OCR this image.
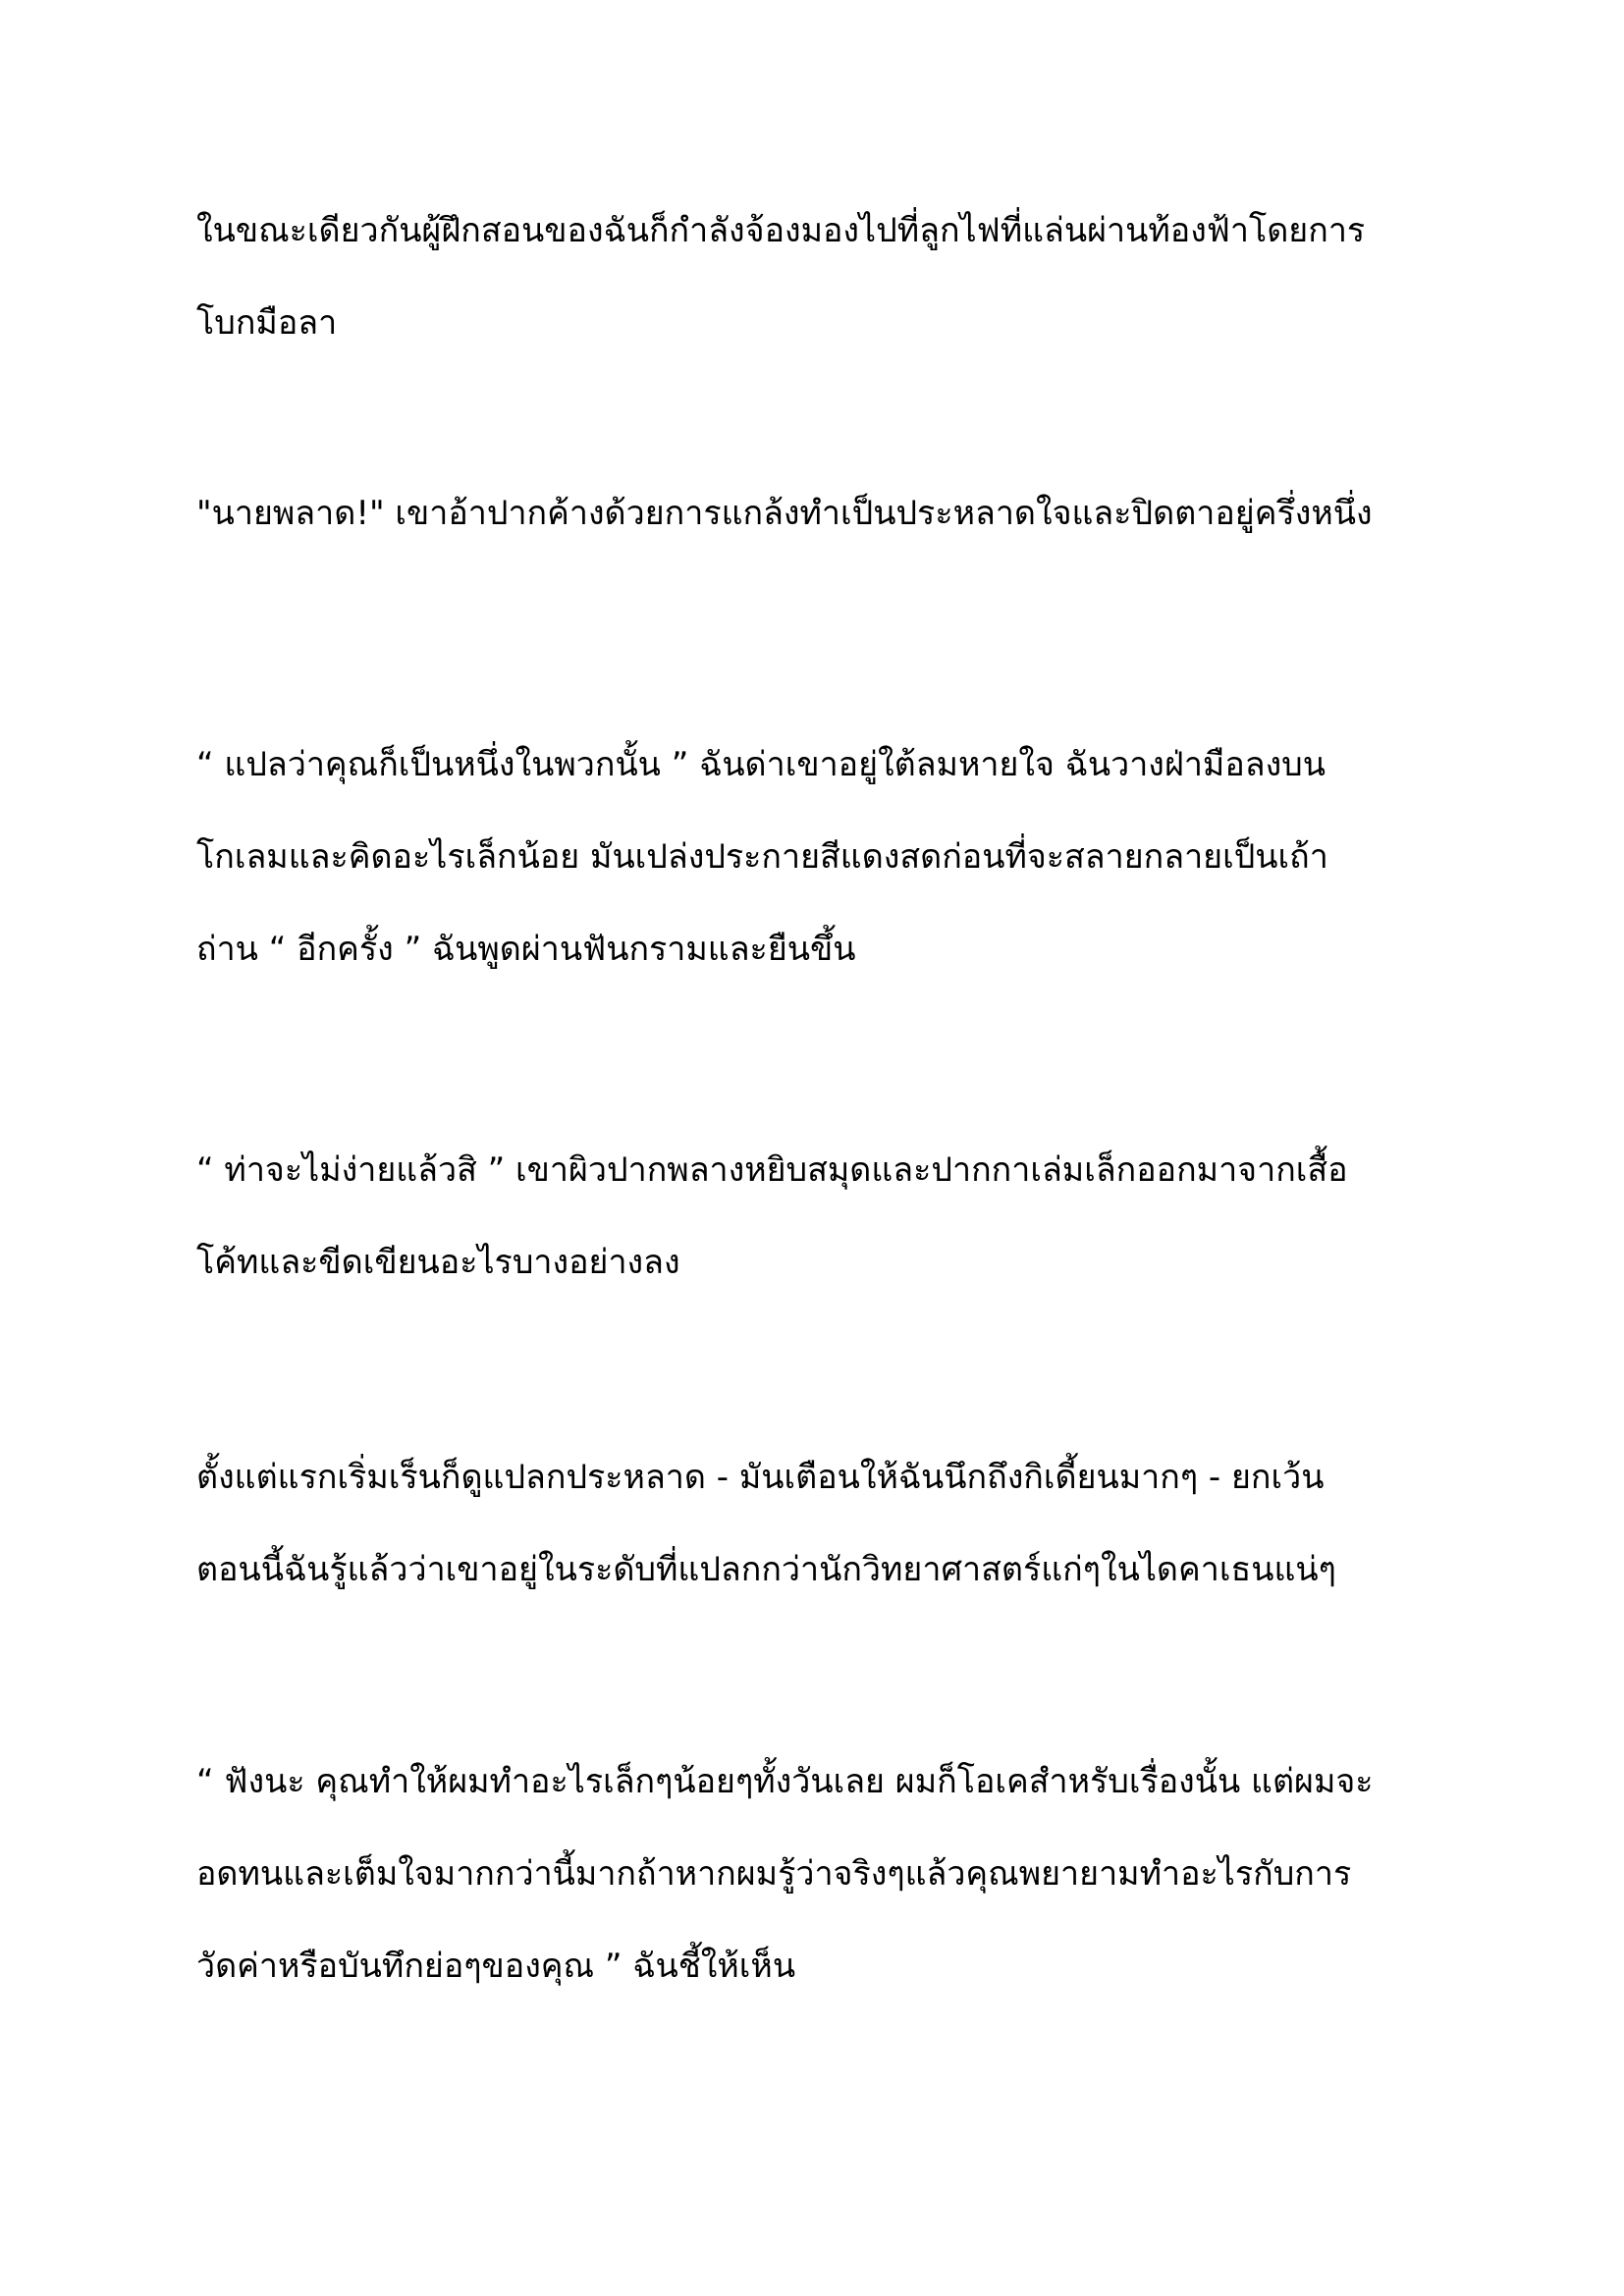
ในขณะเดียวกันผู้ฝึกสอนของฉันก็กำลังจ้องมองไปที่ลูกไฟที่แล่นผ่านท้องฟ้าโดยการ
โบกมือลา
"นายพลาด!" เขาอ้าปากค้างด้วยการแกล้งทำเป็นประหลาดใจและปิดตาอยู่ครึ่งหนึ่ง
“ แปลว่าคุณก็เป็นหนึ่งในพวกนั้น ” ฉันด่าเขาอยู่ใต้ลมหายใจ ฉันวางฝ่ามือลงบน
โกเลมและคิดอะไรเล็กน้อย มันเปล่งประกายสีแดงสดก่อนที่จะสลายกลายเป็นเถ้า
ถ่าน “ อีกครั้ง ” ฉันพูดผ่านฟันกรามและยืนขึ้น
“ ท่าจะไม่ง่ายแล้วสิ ” เขาผิวปากพลางหยิบสมุดและปากกาเล่มเล็กออกมาจากเสื้อ
โค้ทและขีดเขียนอะไรบางอย่างลง
ตั้งแต่แรกเริ่มเร็นก็ดูแปลกประหลาด - มันเตือนให้ฉันนึกถึงกิเดี้ยนมากๆ - ยกเว้น
ตอนนี้ฉันรู้แล้วว่าเขาอยู่ในระดับที่แปลกกว่านักวิทยาศาสตร์แก่ๆในไดคาเธนแน่ๆ
“ ฟังนะ คุณทำให้ผมทำอะไรเล็กๆน้อยๆทั้งวันเลย ผมก็โอเคสำหรับเรื่องนั้น แต่ผมจะ
อดทนและเต็มใจมากกว่านี้มากถ้าหากผมรู้ว่าจริงๆแล้วคุณพยายามทำอะไรกับการ
วัดค่าหรือบันทึกย่อๆของคุณ ” ฉันชี้ให้เห็น
